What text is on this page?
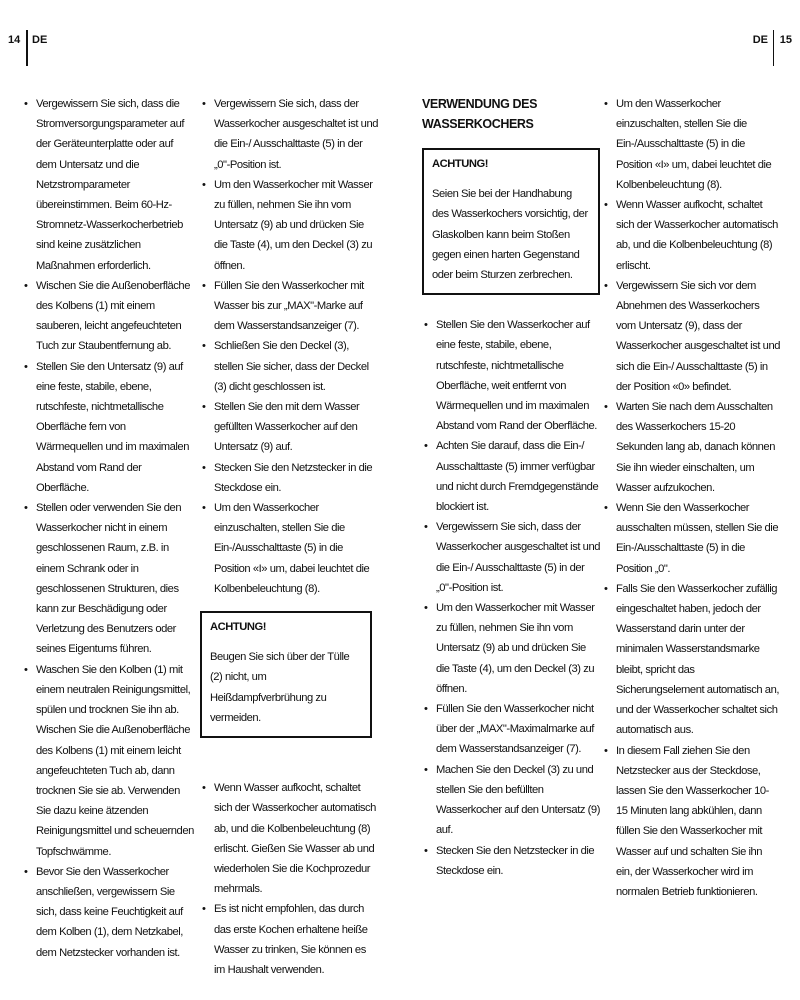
14 DE	DE 15
• Vergewissern Sie sich, dass die Stromversorgungsparameter auf der Geräteunterplatte oder auf dem Untersatz und die Netzstromparameter übereinstimmen. Beim 60-Hz-Stromnetz-Wasserkocherbetrieb sind keine zusätzlichen Maßnahmen erforderlich.
• Wischen Sie die Außenoberfläche des Kolbens (1) mit einem sauberen, leicht angefeuchteten Tuch zur Staubentfernung ab.
• Stellen Sie den Untersatz (9) auf eine feste, stabile, ebene, rutschfeste, nichtmetallische Oberfläche fern von Wärmequellen und im maximalen Abstand vom Rand der Oberfläche.
• Stellen oder verwenden Sie den Wasserkocher nicht in einem geschlossenen Raum, z.B. in einem Schrank oder in geschlossenen Strukturen, dies kann zur Beschädigung oder Verletzung des Benutzers oder seines Eigentums führen.
• Waschen Sie den Kolben (1) mit einem neutralen Reinigungsmittel, spülen und trocknen Sie ihn ab. Wischen Sie die Außenoberfläche des Kolbens (1) mit einem leicht angefeuchteten Tuch ab, dann trocknen Sie sie ab. Verwenden Sie dazu keine ätzenden Reinigungsmittel und scheuernden Topfschwämme.
• Bevor Sie den Wasserkocher anschließen, vergewissern Sie sich, dass keine Feuchtigkeit auf dem Kolben (1), dem Netzkabel, dem Netzstecker vorhanden ist.
• Vergewissern Sie sich, dass der Wasserkocher ausgeschaltet ist und die Ein-/ Ausschalttaste (5) in der „0"-Position ist.
• Um den Wasserkocher mit Wasser zu füllen, nehmen Sie ihn vom Untersatz (9) ab und drücken Sie die Taste (4), um den Deckel (3) zu öffnen.
• Füllen Sie den Wasserkocher mit Wasser bis zur „MAX"-Marke auf dem Wasserstandsanzeiger (7).
• Schließen Sie den Deckel (3), stellen Sie sicher, dass der Deckel (3) dicht geschlossen ist.
• Stellen Sie den mit dem Wasser gefüllten Wasserkocher auf den Untersatz (9) auf.
• Stecken Sie den Netzstecker in die Steckdose ein.
• Um den Wasserkocher einzuschalten, stellen Sie die Ein-/Ausschalttaste (5) in die Position «I» um, dabei leuchtet die Kolbenbeleuchtung (8).
ACHTUNG!
Beugen Sie sich über der Tülle (2) nicht, um Heißdampfverbrühung zu vermeiden.
• Wenn Wasser aufkocht, schaltet sich der Wasserkocher automatisch ab, und die Kolbenbeleuchtung (8) erlischt. Gießen Sie Wasser ab und wiederholen Sie die Kochprozedur mehrmals.
• Es ist nicht empfohlen, das durch das erste Kochen erhaltene heiße Wasser zu trinken, Sie können es im Haushalt verwenden.
VERWENDUNG DES WASSERKOCHERS
ACHTUNG!
Seien Sie bei der Handhabung des Wasserkochers vorsichtig, der Glaskolben kann beim Stoßen gegen einen harten Gegenstand oder beim Sturzen zerbrechen.
• Stellen Sie den Wasserkocher auf eine feste, stabile, ebene, rutschfeste, nichtmetallische Oberfläche, weit entfernt von Wärmequellen und im maximalen Abstand vom Rand der Oberfläche.
• Achten Sie darauf, dass die Ein-/ Ausschalttaste (5) immer verfügbar und nicht durch Fremdgegenstände blockiert ist.
• Vergewissern Sie sich, dass der Wasserkocher ausgeschaltet ist und die Ein-/ Ausschalttaste (5) in der „0"-Position ist.
• Um den Wasserkocher mit Wasser zu füllen, nehmen Sie ihn vom Untersatz (9) ab und drücken Sie die Taste (4), um den Deckel (3) zu öffnen.
• Füllen Sie den Wasserkocher nicht über der „MAX"-Maximalmarke auf dem Wasserstandsanzeiger (7).
• Machen Sie den Deckel (3) zu und stellen Sie den befüllten Wasserkocher auf den Untersatz (9) auf.
• Stecken Sie den Netzstecker in die Steckdose ein.
• Um den Wasserkocher einzuschalten, stellen Sie die Ein-/Ausschalttaste (5) in die Position «I» um, dabei leuchtet die Kolbenbeleuchtung (8).
• Wenn Wasser aufkocht, schaltet sich der Wasserkocher automatisch ab, und die Kolbenbeleuchtung (8) erlischt.
• Vergewissern Sie sich vor dem Abnehmen des Wasserkochers vom Untersatz (9), dass der Wasserkocher ausgeschaltet ist und sich die Ein-/ Ausschalttaste (5) in der Position «0» befindet.
• Warten Sie nach dem Ausschalten des Wasserkochers 15-20 Sekunden lang ab, danach können Sie ihn wieder einschalten, um Wasser aufzukochen.
• Wenn Sie den Wasserkocher ausschalten müssen, stellen Sie die Ein-/Ausschalttaste (5) in die Position „0".
• Falls Sie den Wasserkocher zufällig eingeschaltet haben, jedoch der Wasserstand darin unter der minimalen Wasserstandsmarke bleibt, spricht das Sicherungselement automatisch an, und der Wasserkocher schaltet sich automatisch aus.
• In diesem Fall ziehen Sie den Netzstecker aus der Steckdose, lassen Sie den Wasserkocher 10-15 Minuten lang abkühlen, dann füllen Sie den Wasserkocher mit Wasser auf und schalten Sie ihn ein, der Wasserkocher wird im normalen Betrieb funktionieren.
